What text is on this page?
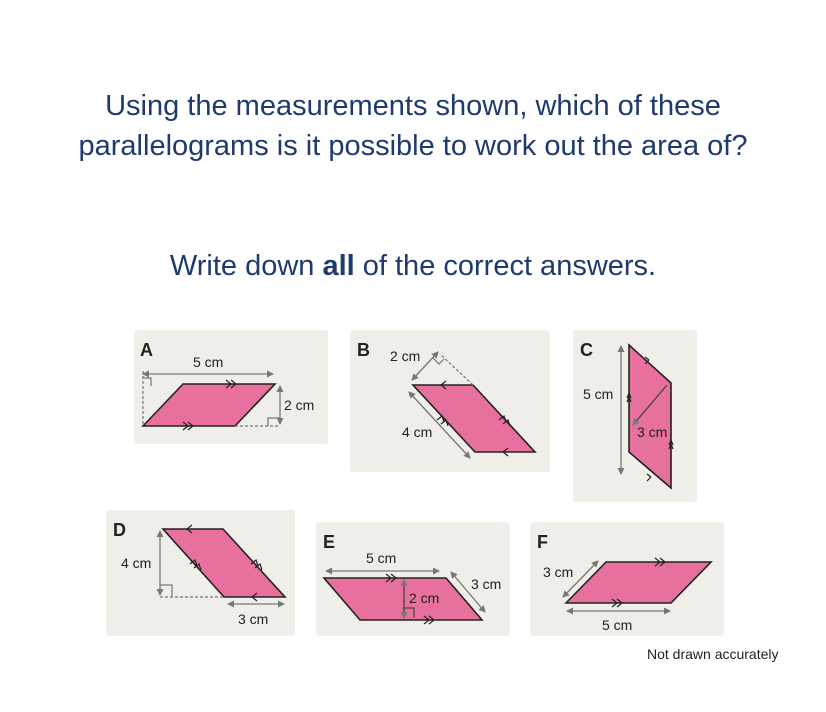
Using the measurements shown, which of these parallelograms is it possible to work out the area of?
Write down all of the correct answers.
A
5 cm
2 cm
B 2 cm
4 cm
C
5 cm
3 cm
D
4 cm
3 cm
E
5 cm
2 cm
3 cm
F
3 cm
5 cm
Not drawn accurately
